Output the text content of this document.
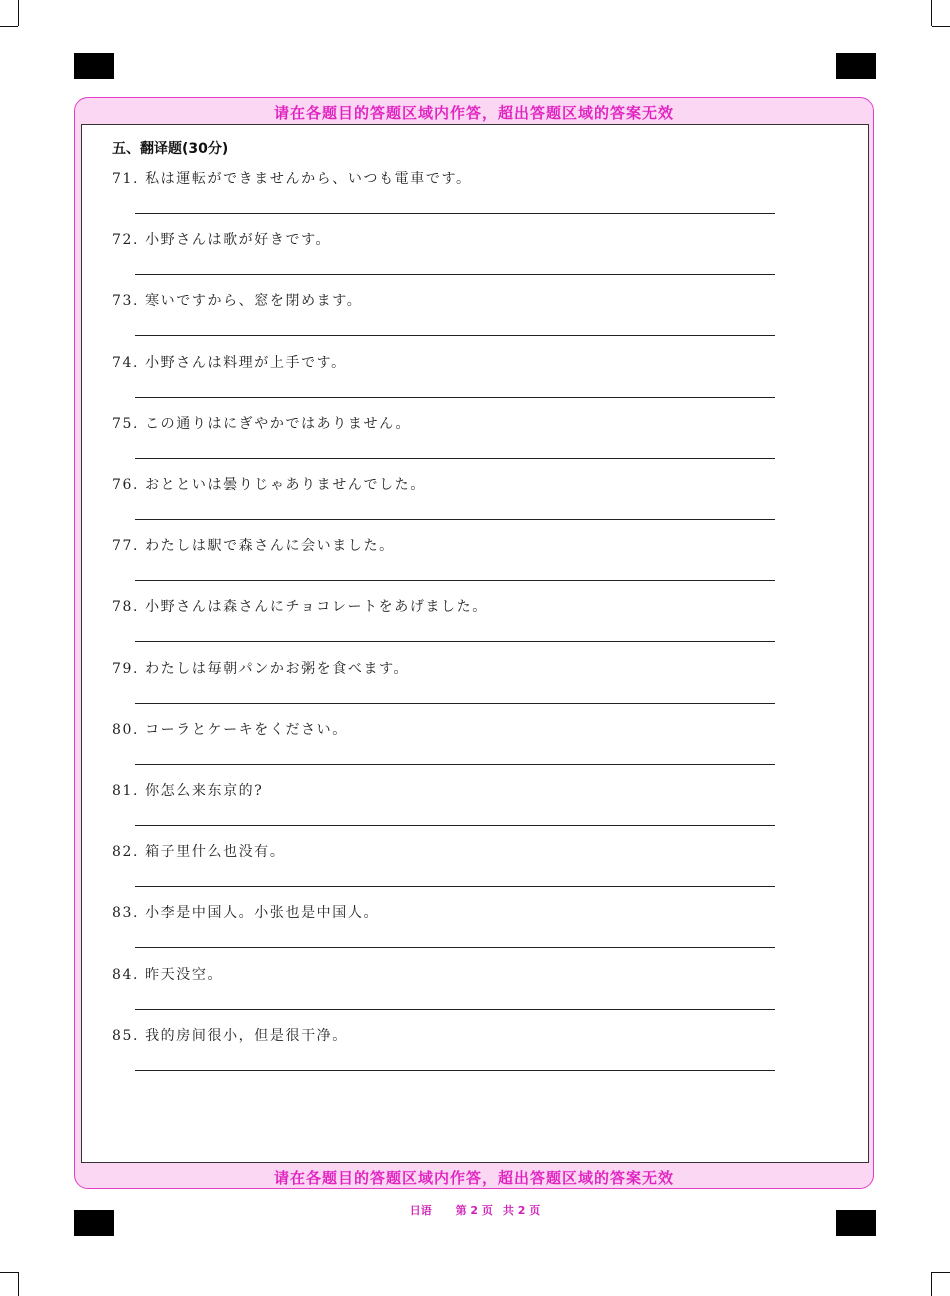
请在各题目的答题区域内作答，超出答题区域的答案无效
请在各题目的答题区域内作答，超出答题区域的答案无效
五、翻译题(30分)
71. 私は運転ができませんから、いつも電車です。
72. 小野さんは歌が好きです。
73. 寒いですから、窓を閉めます。
74. 小野さんは料理が上手です。
75. この通りはにぎやかではありません。
76. おとといは曇りじゃありませんでした。
77. わたしは駅で森さんに会いました。
78. 小野さんは森さんにチョコレートをあげました。
79. わたしは毎朝パンかお粥を食べます。
80. コーラとケーキをください。
81. 你怎么来东京的?
82. 箱子里什么也没有。
83. 小李是中国人。小张也是中国人。
84. 昨天没空。
85. 我的房间很小，但是很干净。
日语 第 2 页 共 2 页
